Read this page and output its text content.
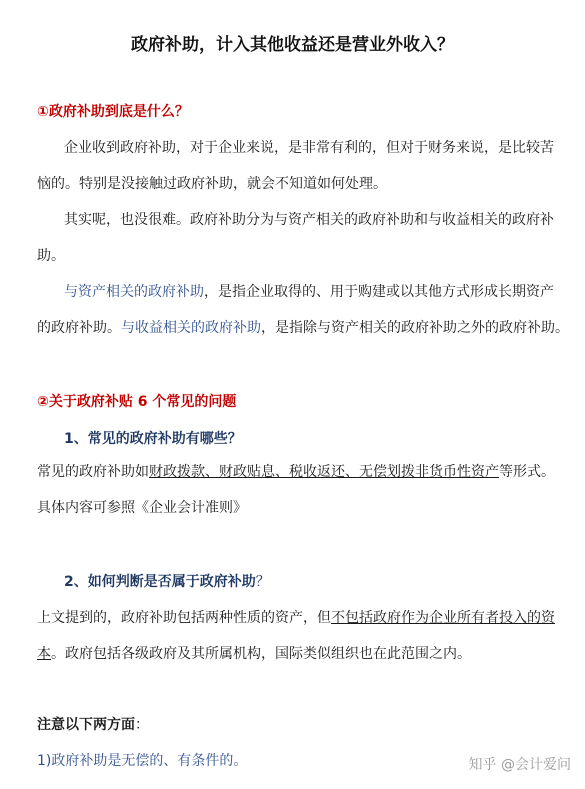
政府补助，计入其他收益还是营业外收入？
①政府补助到底是什么？
企业收到政府补助，对于企业来说，是非常有利的，但对于财务来说，是比较苦
恼的。特别是没接触过政府补助，就会不知道如何处理。
其实呢，也没很难。政府补助分为与资产相关的政府补助和与收益相关的政府补
助。
与资产相关的政府补助，是指企业取得的、用于购建或以其他方式形成长期资产
的政府补助。与收益相关的政府补助，是指除与资产相关的政府补助之外的政府补助。
②关于政府补贴 6 个常见的问题
1、常见的政府补助有哪些？
常见的政府补助如财政拨款、财政贴息、税收返还、无偿划拨非货币性资产等形式。
具体内容可参照《企业会计准则》
2、如何判断是否属于政府补助？
上文提到的，政府补助包括两种性质的资产，但不包括政府作为企业所有者投入的资
本。政府包括各级政府及其所属机构，国际类似组织也在此范围之内。
注意以下两方面：
1)政府补助是无偿的、有条件的。	知乎 @会计爱问
